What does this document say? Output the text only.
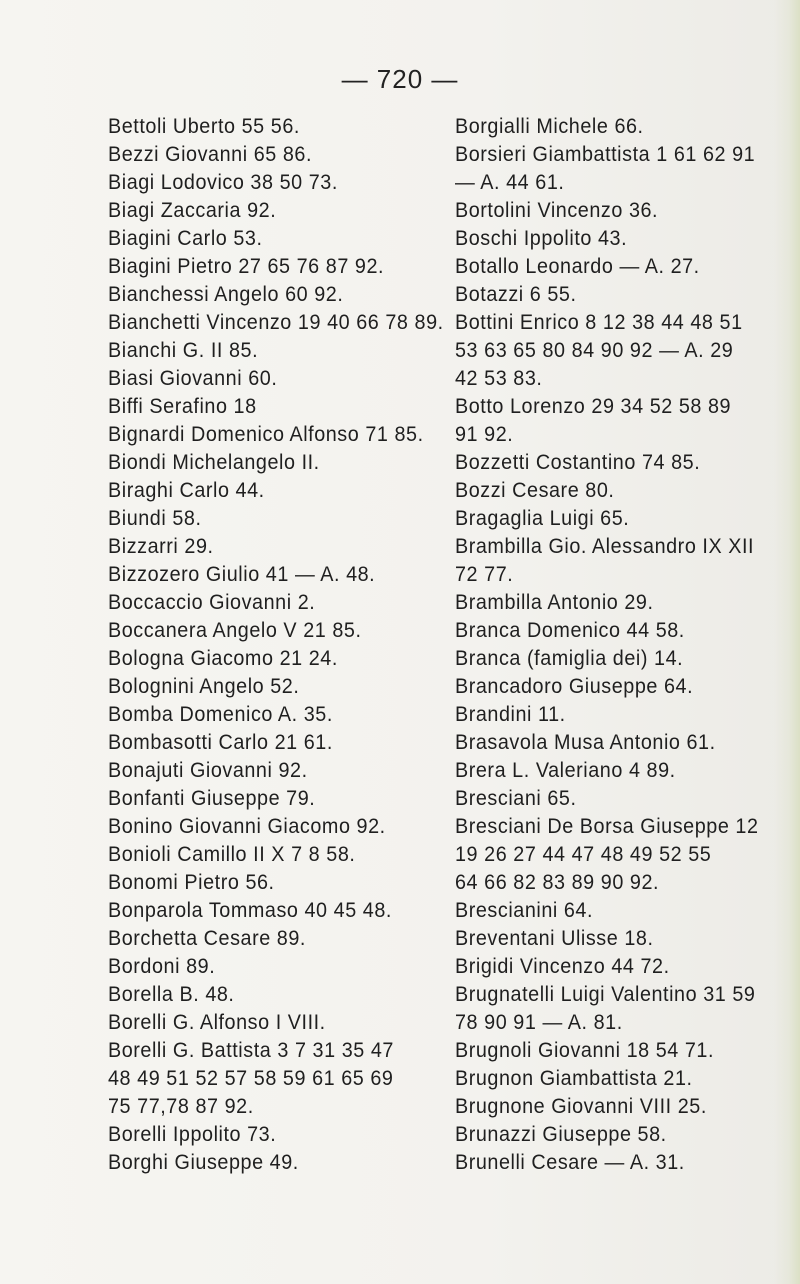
— 720 —
Bettoli Uberto 55 56.
Bezzi Giovanni 65 86.
Biagi Lodovico 38 50 73.
Biagi Zaccaria 92.
Biagini Carlo 53.
Biagini Pietro 27 65 76 87 92.
Bianchessi Angelo 60 92.
Bianchetti Vincenzo 19 40 66 78 89.
Bianchi G. II 85.
Biasi Giovanni 60.
Biffi Serafino 18
Bignardi Domenico Alfonso 71 85.
Biondi Michelangelo II.
Biraghi Carlo 44.
Biundi 58.
Bizzarri 29.
Bizzozero Giulio 41 — A. 48.
Boccaccio Giovanni 2.
Boccanera Angelo V 21 85.
Bologna Giacomo 21 24.
Bolognini Angelo 52.
Bomba Domenico A. 35.
Bombasotti Carlo 21 61.
Bonajuti Giovanni 92.
Bonfanti Giuseppe 79.
Bonino Giovanni Giacomo 92.
Bonioli Camillo II X 7 8 58.
Bonomi Pietro 56.
Bonparola Tommaso 40 45 48.
Borchetta Cesare 89.
Bordoni 89.
Borella B. 48.
Borelli G. Alfonso I VIII.
Borelli G. Battista 3 7 31 35 47
48 49 51 52 57 58 59 61 65 69
75 77,78 87 92.
Borelli Ippolito 73.
Borghi Giuseppe 49.
Borgialli Michele 66.
Borsieri Giambattista 1 61 62 91
— A. 44 61.
Bortolini Vincenzo 36.
Boschi Ippolito 43.
Botallo Leonardo — A. 27.
Botazzi 6 55.
Bottini Enrico 8 12 38 44 48 51
53 63 65 80 84 90 92 — A. 29
42 53 83.
Botto Lorenzo 29 34 52 58 89
91 92.
Bozzetti Costantino 74 85.
Bozzi Cesare 80.
Bragaglia Luigi 65.
Brambilla Gio. Alessandro IX XII
72 77.
Brambilla Antonio 29.
Branca Domenico 44 58.
Branca (famiglia dei) 14.
Brancadoro Giuseppe 64.
Brandini 11.
Brasavola Musa Antonio 61.
Brera L. Valeriano 4 89.
Bresciani 65.
Bresciani De Borsa Giuseppe 12
19 26 27 44 47 48 49 52 55
64 66 82 83 89 90 92.
Brescianini 64.
Breventani Ulisse 18.
Brigidi Vincenzo 44 72.
Brugnatelli Luigi Valentino 31 59
78 90 91 — A. 81.
Brugnoli Giovanni 18 54 71.
Brugnon Giambattista 21.
Brugnone Giovanni VIII 25.
Brunazzi Giuseppe 58.
Brunelli Cesare — A. 31.
